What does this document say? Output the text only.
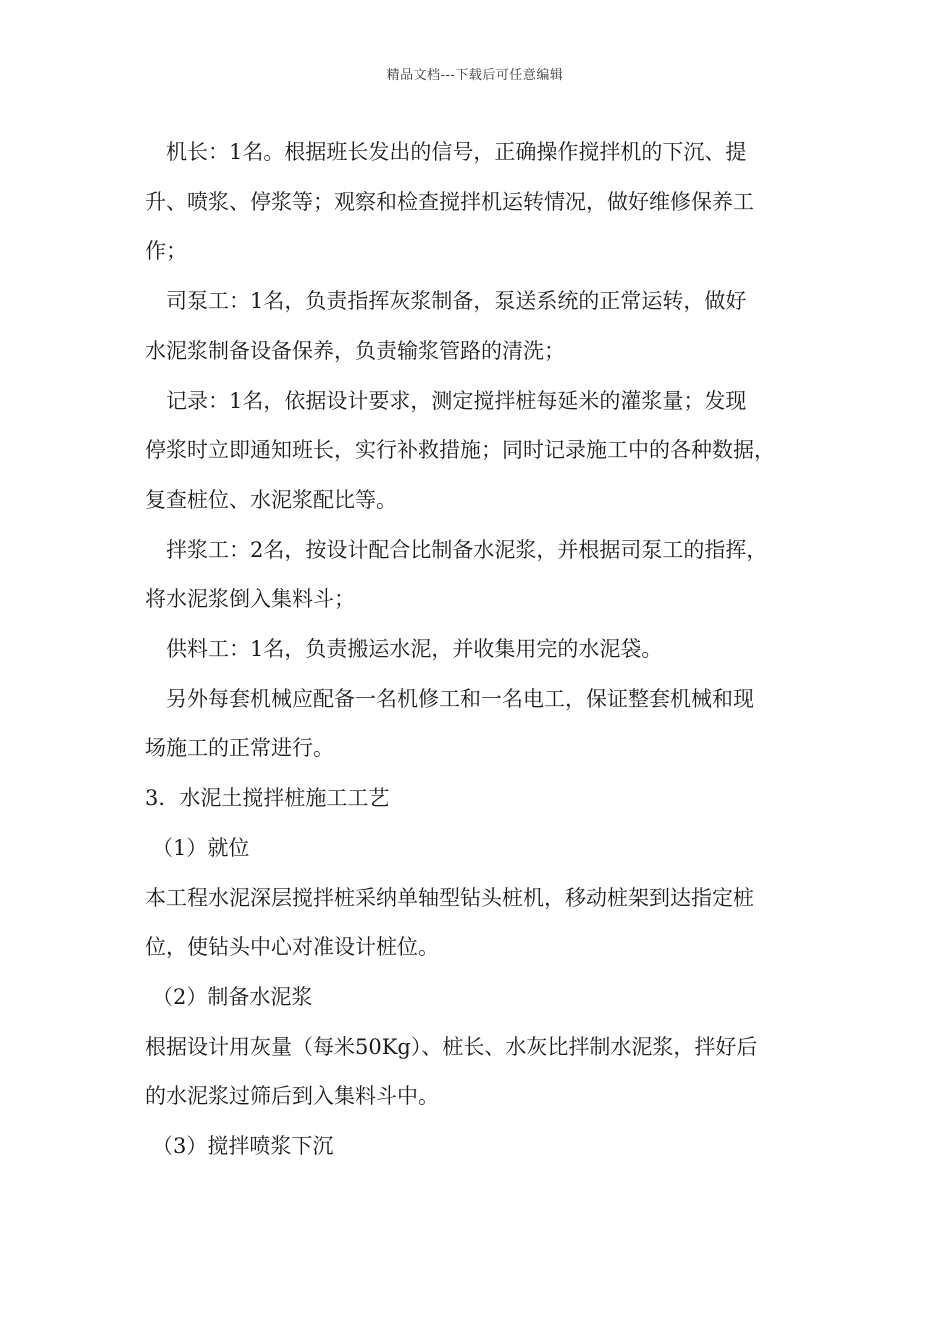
精品文档---下载后可任意编辑

机长：1名。根据班长发出的信号，正确操作搅拌机的下沉、提

升、喷浆、停浆等；观察和检查搅拌机运转情况，做好维修保养工

作；

司泵工：1名，负责指挥灰浆制备，泵送系统的正常运转，做好

水泥浆制备设备保养，负责输浆管路的清洗；

记录：1名，依据设计要求，测定搅拌桩每延米的灌浆量；发现

停浆时立即通知班长，实行补救措施；同时记录施工中的各种数据，

复查桩位、水泥浆配比等。

拌浆工：2名，按设计配合比制备水泥浆，并根据司泵工的指挥，

将水泥浆倒入集料斗；

供料工：1名，负责搬运水泥，并收集用完的水泥袋。

另外每套机械应配备一名机修工和一名电工，保证整套机械和现

场施工的正常进行。

3．水泥土搅拌桩施工工艺

（1）就位

本工程水泥深层搅拌桩采纳单轴型钻头桩机，移动桩架到达指定桩

位，使钻头中心对准设计桩位。

（2）制备水泥浆

根据设计用灰量（每米50Kg）、桩长、水灰比拌制水泥浆，拌好后

的水泥浆过筛后到入集料斗中。

（3）搅拌喷浆下沉
